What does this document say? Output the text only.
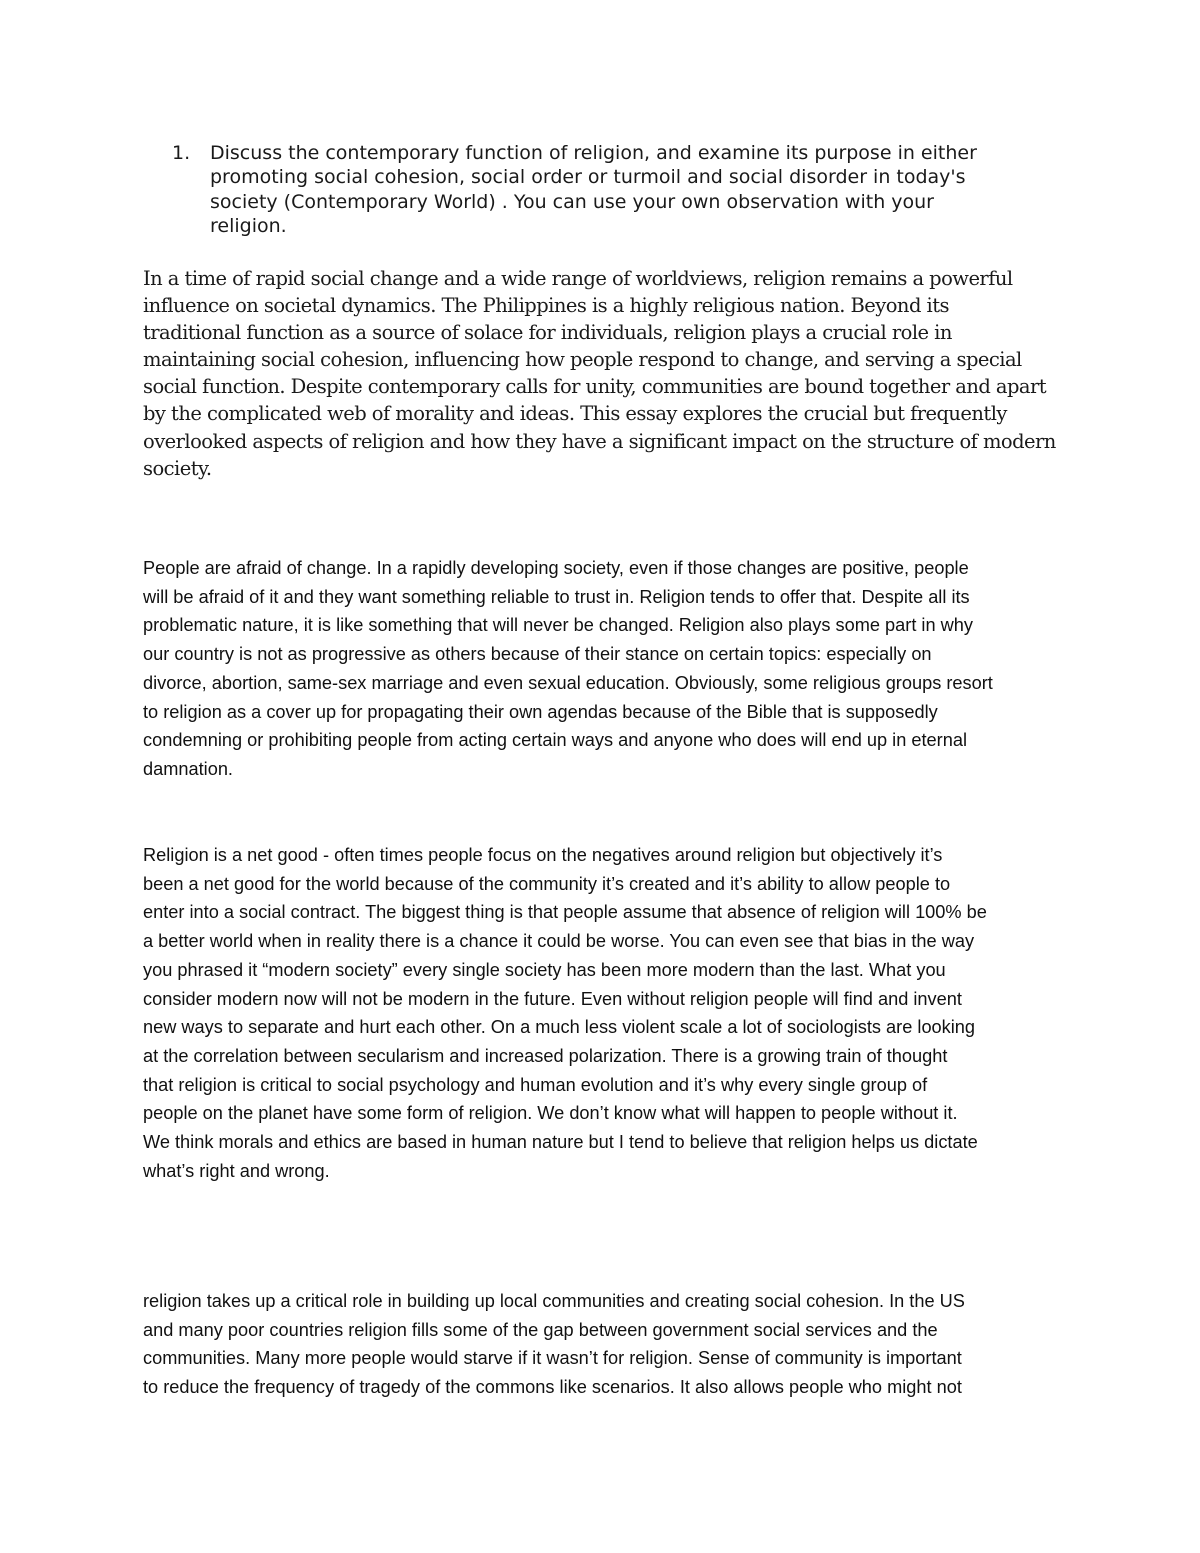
1.	Discuss the contemporary function of religion, and examine its purpose in either
promoting social cohesion, social order or turmoil and social disorder in today's
society (Contemporary World) . You can use your own observation with your
religion.

In a time of rapid social change and a wide range of worldviews, religion remains a powerful
influence on societal dynamics. The Philippines is a highly religious nation. Beyond its
traditional function as a source of solace for individuals, religion plays a crucial role in
maintaining social cohesion, influencing how people respond to change, and serving a special
social function. Despite contemporary calls for unity, communities are bound together and apart
by the complicated web of morality and ideas. This essay explores the crucial but frequently
overlooked aspects of religion and how they have a significant impact on the structure of modern
society.

People are afraid of change. In a rapidly developing society, even if those changes are positive, people
will be afraid of it and they want something reliable to trust in. Religion tends to offer that. Despite all its
problematic nature, it is like something that will never be changed. Religion also plays some part in why
our country is not as progressive as others because of their stance on certain topics: especially on
divorce, abortion, same-sex marriage and even sexual education. Obviously, some religious groups resort
to religion as a cover up for propagating their own agendas because of the Bible that is supposedly
condemning or prohibiting people from acting certain ways and anyone who does will end up in eternal
damnation.

Religion is a net good - often times people focus on the negatives around religion but objectively it’s
been a net good for the world because of the community it’s created and it’s ability to allow people to
enter into a social contract. The biggest thing is that people assume that absence of religion will 100% be
a better world when in reality there is a chance it could be worse. You can even see that bias in the way
you phrased it “modern society” every single society has been more modern than the last. What you
consider modern now will not be modern in the future. Even without religion people will find and invent
new ways to separate and hurt each other. On a much less violent scale a lot of sociologists are looking
at the correlation between secularism and increased polarization. There is a growing train of thought
that religion is critical to social psychology and human evolution and it’s why every single group of
people on the planet have some form of religion. We don’t know what will happen to people without it.
We think morals and ethics are based in human nature but I tend to believe that religion helps us dictate
what’s right and wrong.

religion takes up a critical role in building up local communities and creating social cohesion. In the US
and many poor countries religion fills some of the gap between government social services and the
communities. Many more people would starve if it wasn’t for religion. Sense of community is important
to reduce the frequency of tragedy of the commons like scenarios. It also allows people who might not
